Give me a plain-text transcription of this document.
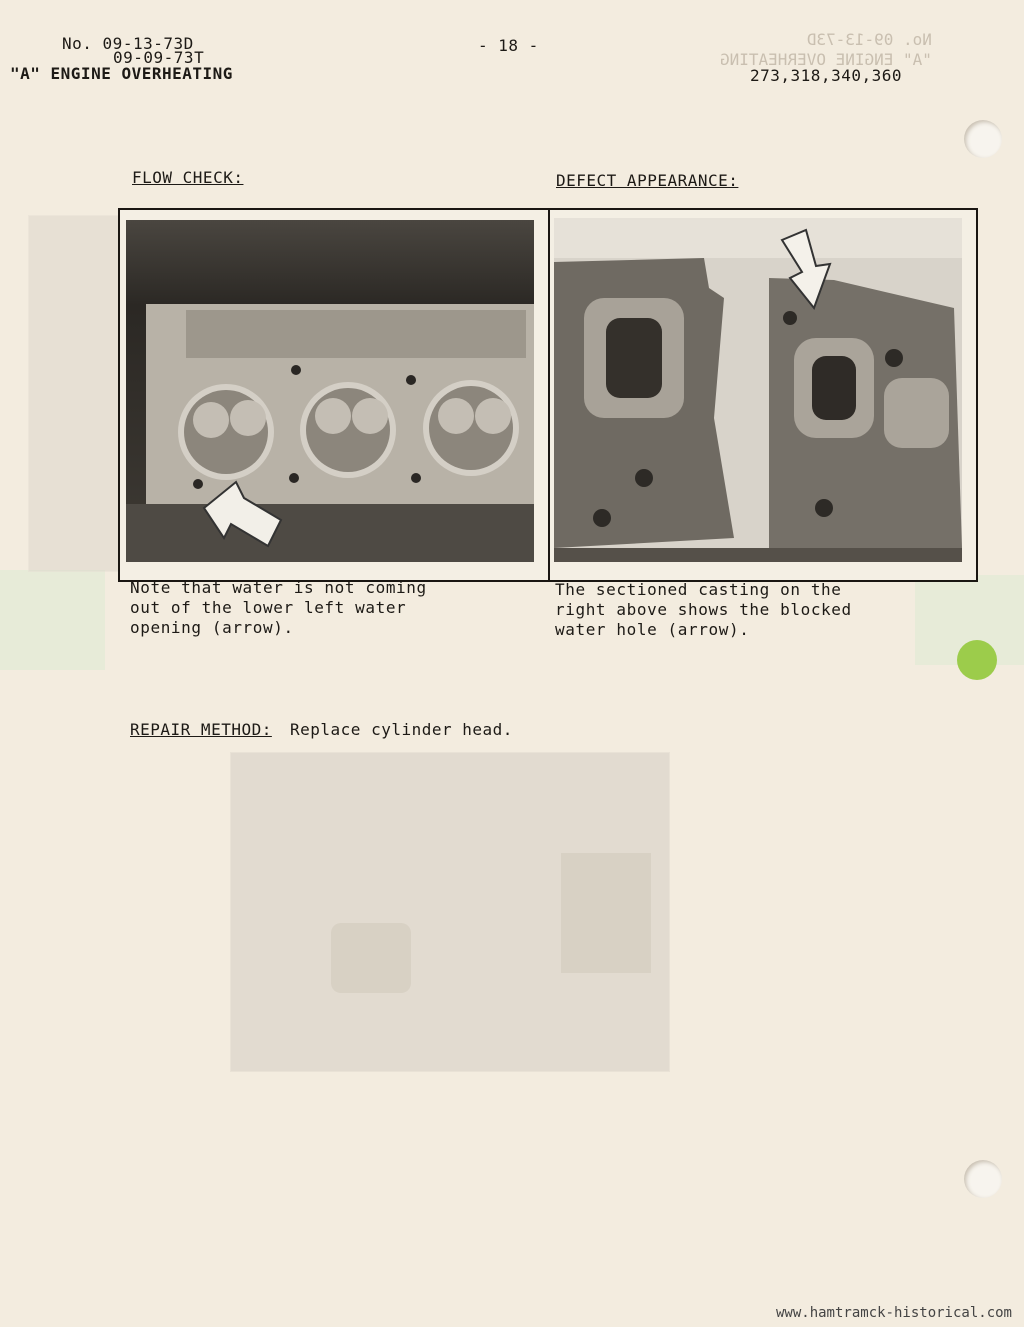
No. 09-13-73D
09-09-73T
"A" ENGINE OVERHEATING
- 18 -
273,318,340,360
No. 09-13-73D
"A" ENGINE OVERHEATING
FLOW CHECK:	DEFECT APPEARANCE:
Note that water is not coming
out of the lower left water
opening (arrow).
The sectioned casting on the
right above shows the blocked
water hole (arrow).
REPAIR METHOD: Replace cylinder head.
www.hamtramck-historical.com
